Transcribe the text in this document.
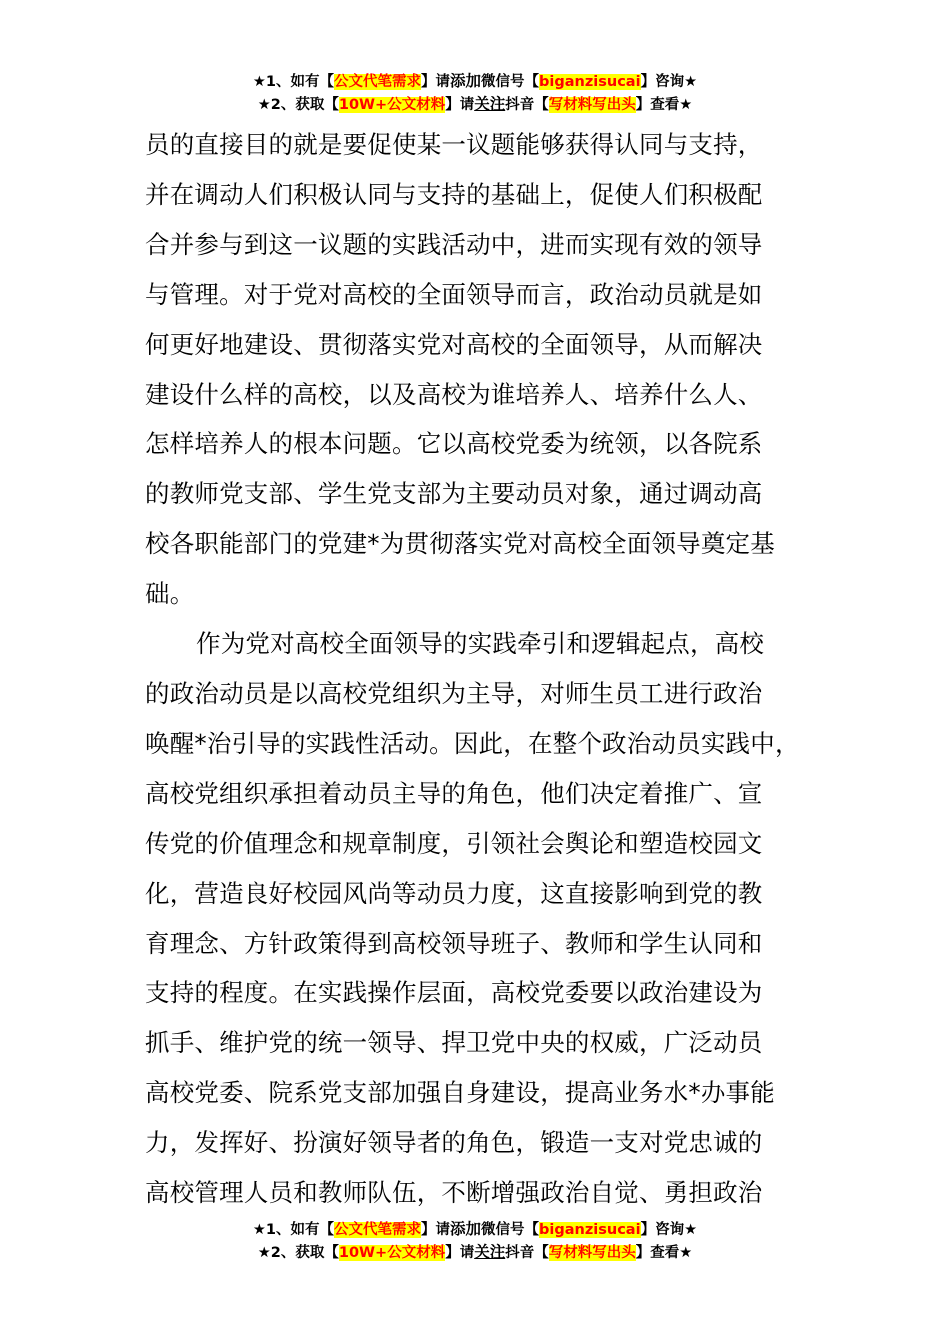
★1、如有【公文代笔需求】请添加微信号【biganzisucai】咨询★
★2、获取【10W+公文材料】请关注抖音【写材料写出头】查看★

员的直接目的就是要促使某一议题能够获得认同与支持，

并在调动人们积极认同与支持的基础上，促使人们积极配

合并参与到这一议题的实践活动中，进而实现有效的领导

与管理。对于党对高校的全面领导而言，政治动员就是如

何更好地建设、贯彻落实党对高校的全面领导，从而解决

建设什么样的高校，以及高校为谁培养人、培养什么人、

怎样培养人的根本问题。它以高校党委为统领，以各院系

的教师党支部、学生党支部为主要动员对象，通过调动高

校各职能部门的党建*为贯彻落实党对高校全面领导奠定基

础。

作为党对高校全面领导的实践牵引和逻辑起点，高校

的政治动员是以高校党组织为主导，对师生员工进行政治

唤醒*治引导的实践性活动。因此，在整个政治动员实践中，

高校党组织承担着动员主导的角色，他们决定着推广、宣

传党的价值理念和规章制度，引领社会舆论和塑造校园文

化，营造良好校园风尚等动员力度，这直接影响到党的教

育理念、方针政策得到高校领导班子、教师和学生认同和

支持的程度。在实践操作层面，高校党委要以政治建设为

抓手、维护党的统一领导、捍卫党中央的权威，广泛动员

高校党委、院系党支部加强自身建设，提高业务水*办事能

力，发挥好、扮演好领导者的角色，锻造一支对党忠诚的

高校管理人员和教师队伍，不断增强政治自觉、勇担政治

★1、如有【公文代笔需求】请添加微信号【biganzisucai】咨询★
★2、获取【10W+公文材料】请关注抖音【写材料写出头】查看★
